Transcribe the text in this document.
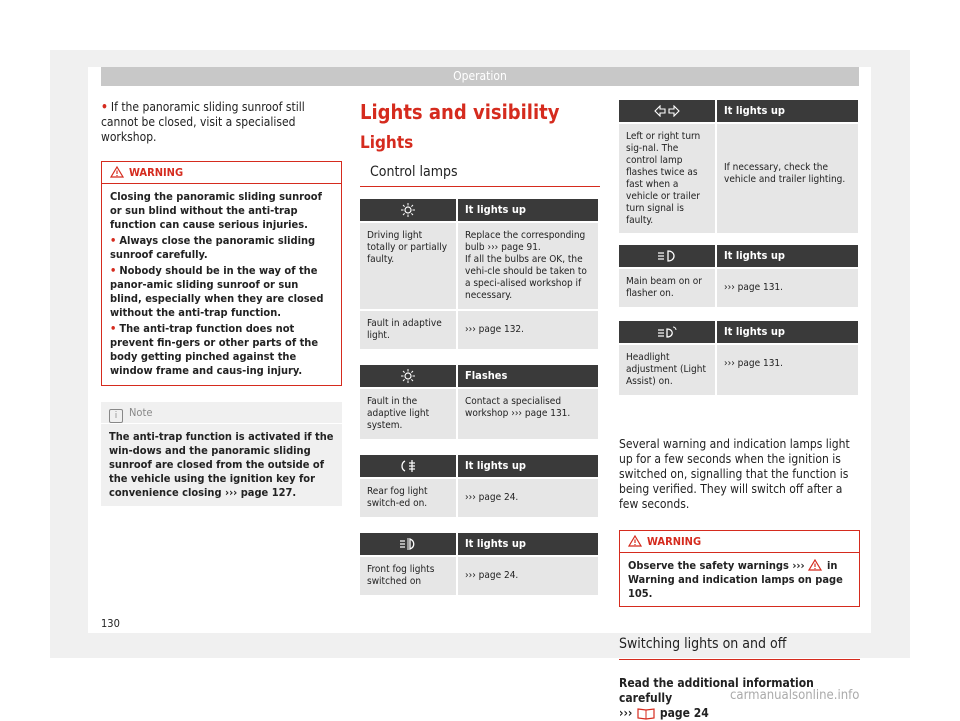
Operation

• If the panoramic sliding sunroof still cannot be closed, visit a specialised workshop.

WARNING

Closing the panoramic sliding sunroof or sun blind without the anti-trap function can cause serious injuries.

• Always close the panoramic sliding sunroof carefully.

• Nobody should be in the way of the panor-amic sliding sunroof or sun blind, especially when they are closed without the anti-trap function.

• The anti-trap function does not prevent fin-gers or other parts of the body getting pinched against the window frame and caus-ing injury.

i Note
The anti-trap function is activated if the win-dows and the panoramic sliding sunroof are closed from the outside of the vehicle using the ignition key for convenience closing ››› page 127.
Lights and visibility
Lights
Control lamps
	It lights up
Driving light totally or partially faulty.	Replace the corresponding bulb ››› page 91.
If all the bulbs are OK, the vehi-cle should be taken to a speci-alised workshop if necessary.

Fault in adaptive light.	››› page 132.
	Flashes
Fault in the adaptive light system.	Contact a specialised workshop ››› page 131.
	It lights up
Rear fog light switch-ed on.	››› page 24.
	It lights up
Front fog lights switched on	››› page 24.
	It lights up
Left or right turn sig-nal. The control lamp flashes twice as fast when a vehicle or trailer turn signal is faulty.	If necessary, check the vehicle and trailer lighting.
	It lights up
Main beam on or flasher on.	››› page 131.
	It lights up
Headlight adjustment (Light Assist) on.	››› page 131.

Several warning and indication lamps light up for a few seconds when the ignition is switched on, signalling that the function is being verified. They will switch off after a few seconds.

WARNING
Observe the safety warnings ››› in Warning and indication lamps on page 105.
Switching lights on and off

Read the additional information carefully

›››  page 24

130
carmanualsonline.info
